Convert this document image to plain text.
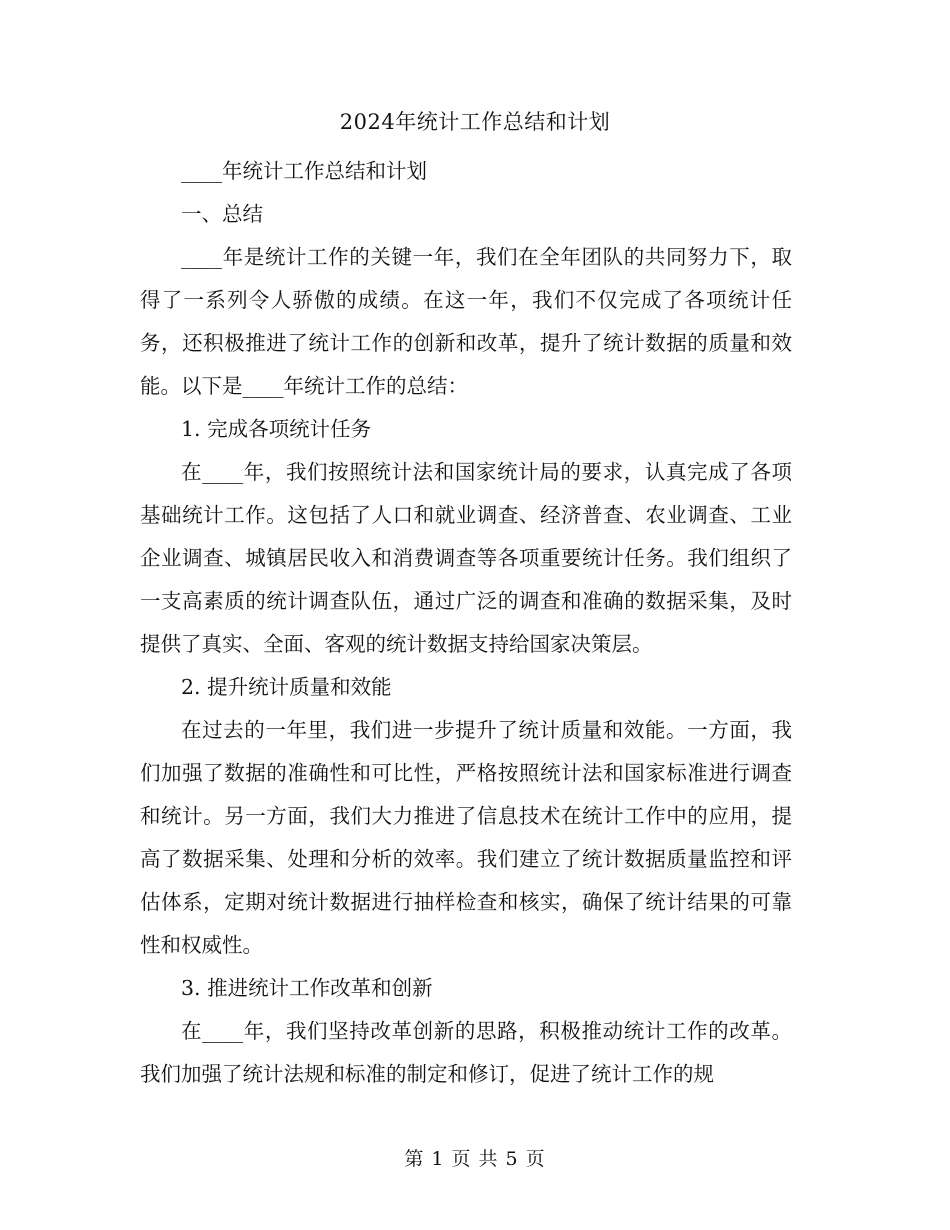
2024年统计工作总结和计划

____年统计工作总结和计划

一、总结

____年是统计工作的关键一年，我们在全年团队的共同努力下，取得了一系列令人骄傲的成绩。在这一年，我们不仅完成了各项统计任务，还积极推进了统计工作的创新和改革，提升了统计数据的质量和效能。以下是____年统计工作的总结：

1. 完成各项统计任务

在____年，我们按照统计法和国家统计局的要求，认真完成了各项基础统计工作。这包括了人口和就业调查、经济普查、农业调查、工业企业调查、城镇居民收入和消费调查等各项重要统计任务。我们组织了一支高素质的统计调查队伍，通过广泛的调查和准确的数据采集，及时提供了真实、全面、客观的统计数据支持给国家决策层。

2. 提升统计质量和效能

在过去的一年里，我们进一步提升了统计质量和效能。一方面，我们加强了数据的准确性和可比性，严格按照统计法和国家标准进行调查和统计。另一方面，我们大力推进了信息技术在统计工作中的应用，提高了数据采集、处理和分析的效率。我们建立了统计数据质量监控和评估体系，定期对统计数据进行抽样检查和核实，确保了统计结果的可靠性和权威性。

3. 推进统计工作改革和创新

在____年，我们坚持改革创新的思路，积极推动统计工作的改革。我们加强了统计法规和标准的制定和修订，促进了统计工作的规

第 1 页 共 5 页
